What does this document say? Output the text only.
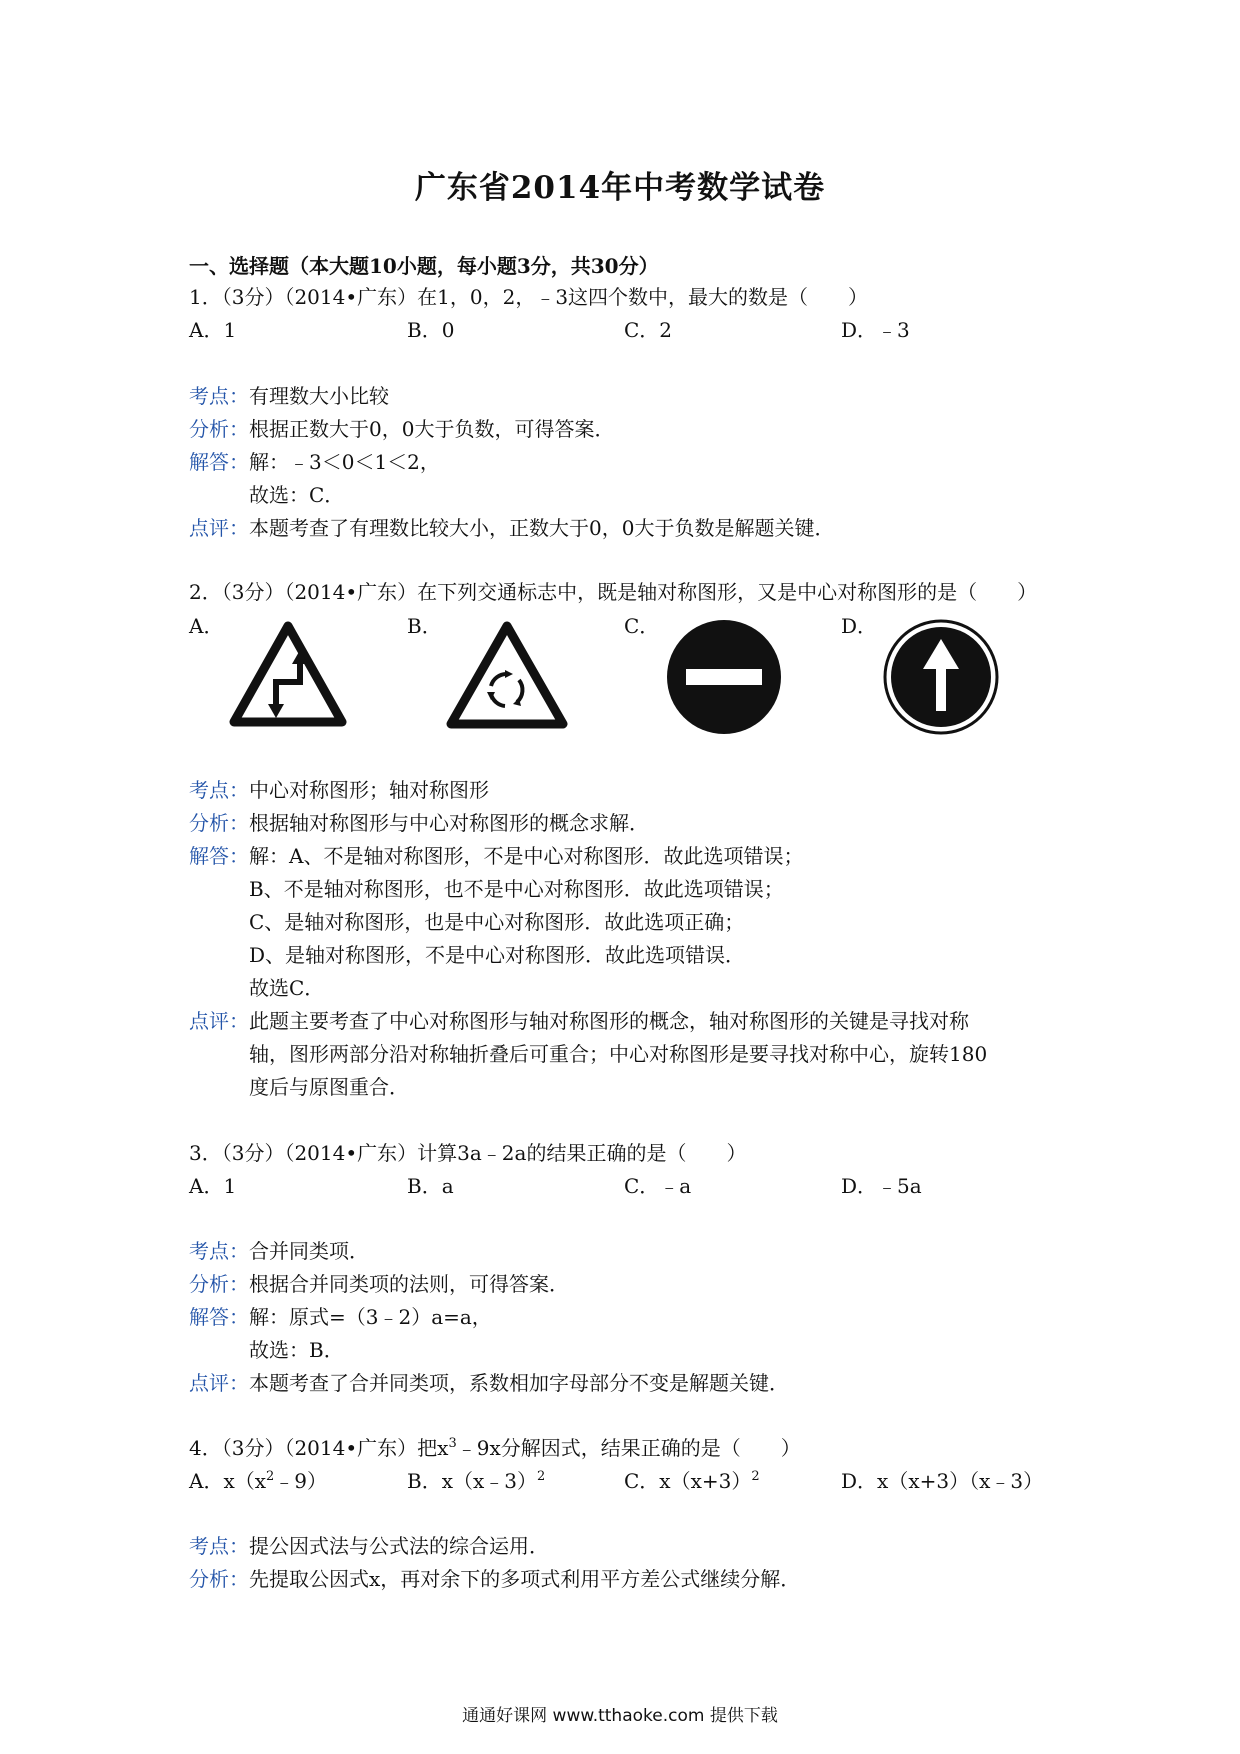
广东省2014年中考数学试卷
一、选择题（本大题10小题，每小题3分，共30分）
1．（3分）（2014•广东）在1，0，2，﹣3这四个数中，最大的数是（　　）
A．1	B．0	C．2	D．﹣3
考点：有理数大小比较
分析：根据正数大于0，0大于负数，可得答案．
解答：解：﹣3＜0＜1＜2，
故选：C．
点评：本题考查了有理数比较大小，正数大于0，0大于负数是解题关键．
2．（3分）（2014•广东）在下列交通标志中，既是轴对称图形，又是中心对称图形的是（　　）
A．	B．	C．	D．
考点：中心对称图形；轴对称图形
分析：根据轴对称图形与中心对称图形的概念求解．
解答：解：A、不是轴对称图形，不是中心对称图形．故此选项错误；
B、不是轴对称图形，也不是中心对称图形．故此选项错误；
C、是轴对称图形，也是中心对称图形．故此选项正确；
D、是轴对称图形，不是中心对称图形．故此选项错误．
故选C．
点评：此题主要考查了中心对称图形与轴对称图形的概念，轴对称图形的关键是寻找对称
轴，图形两部分沿对称轴折叠后可重合；中心对称图形是要寻找对称中心，旋转180
度后与原图重合．
3．（3分）（2014•广东）计算3a﹣2a的结果正确的是（　　）
A．1	B．a	C．﹣a	D．﹣5a
考点：合并同类项．
分析：根据合并同类项的法则，可得答案．
解答：解：原式=（3﹣2）a=a，
故选：B．
点评：本题考查了合并同类项，系数相加字母部分不变是解题关键．
4．（3分）（2014•广东）把$x^3﹣9x$分解因式，结果正确的是（　　）
A．$x(x^2﹣9)$	B．x（x﹣3）$^2$	C．$x(x+3)^2$	D．x（x+3）（x﹣3）
考点：提公因式法与公式法的综合运用．
分析：先提取公因式x，再对余下的多项式利用平方差公式继续分解．
通通好课网 www.tthaoke.com 提供下载
